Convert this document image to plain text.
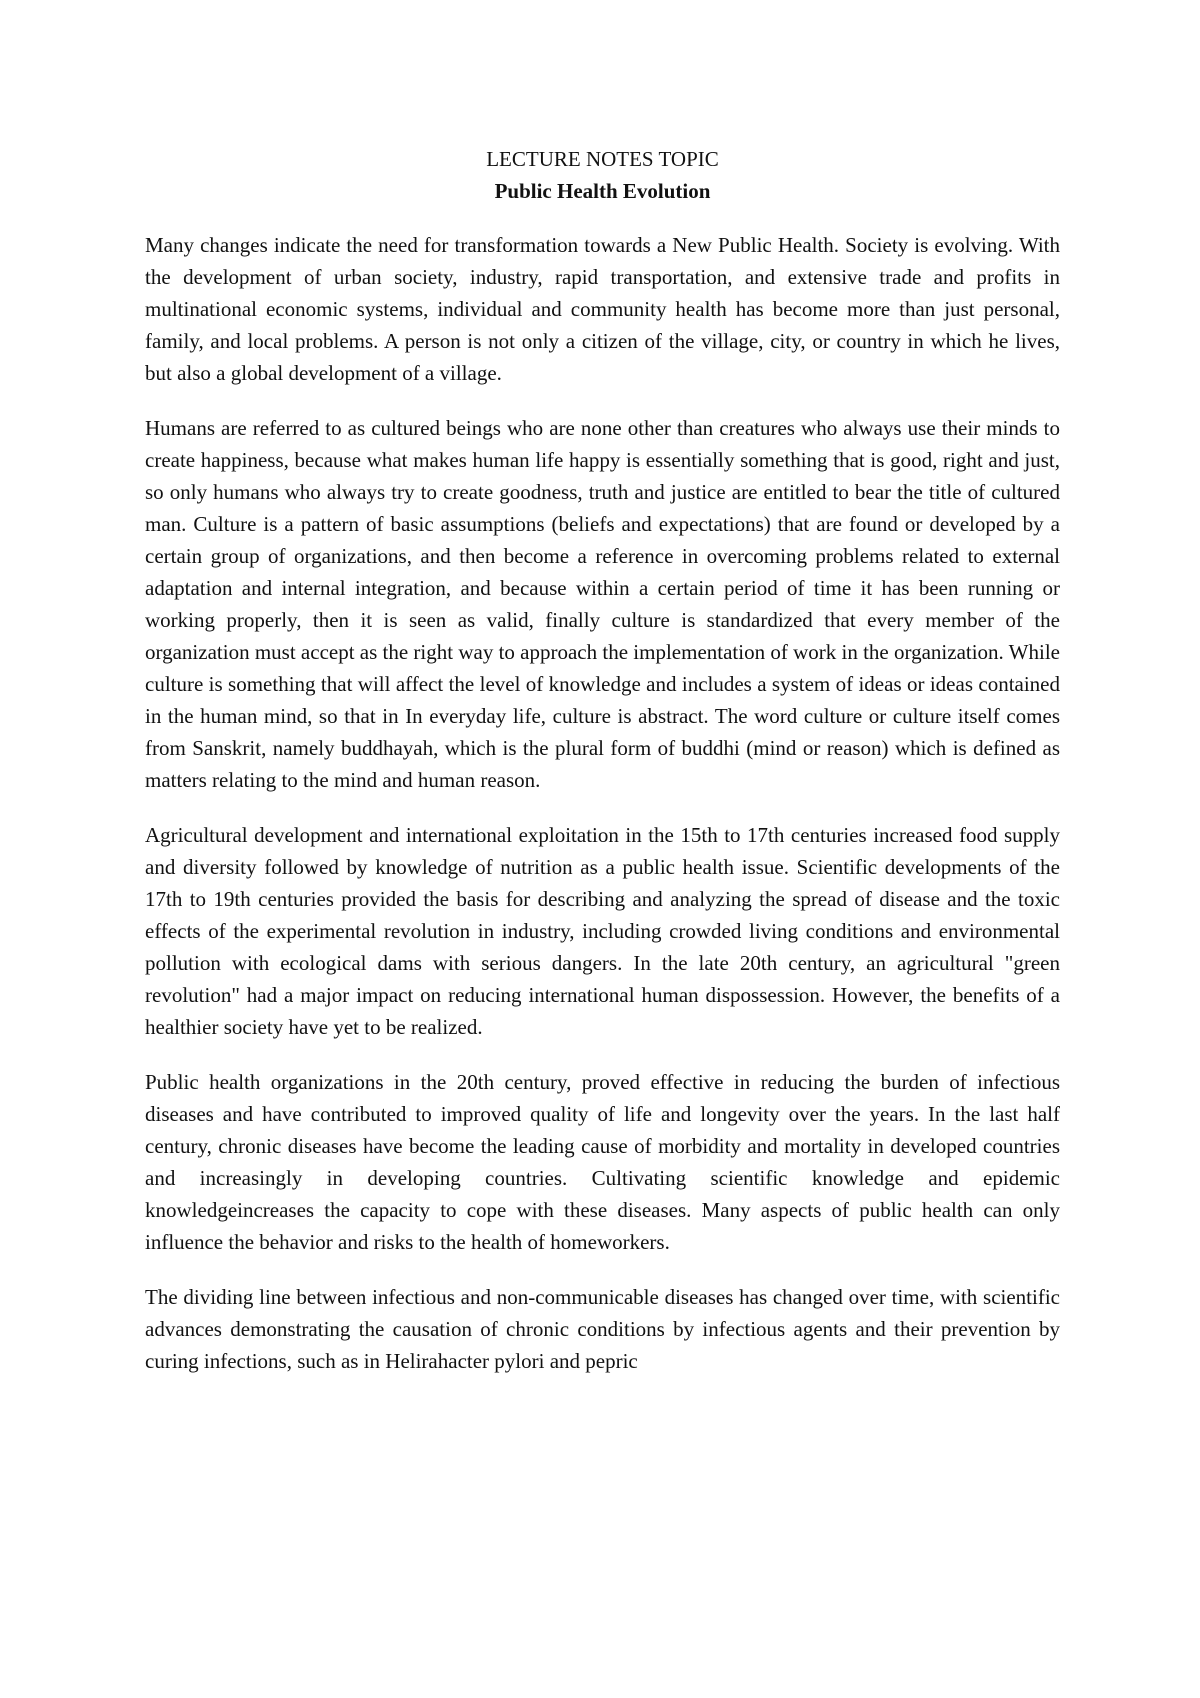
LECTURE NOTES TOPIC
Public Health Evolution

Many changes indicate the need for transformation towards a New Public Health. Society is evolving. With the development of urban society, industry, rapid transportation, and extensive trade and profits in multinational economic systems, individual and community health has become more than just personal, family, and local problems. A person is not only a citizen of the village, city, or country in which he lives, but also a global development of a village.

Humans are referred to as cultured beings who are none other than creatures who always use their minds to create happiness, because what makes human life happy is essentially something that is good, right and just, so only humans who always try to create goodness, truth and justice are entitled to bear the title of cultured man. Culture is a pattern of basic assumptions (beliefs and expectations) that are found or developed by a certain group of organizations, and then become a reference in overcoming problems related to external adaptation and internal integration, and because within a certain period of time it has been running or working properly, then it is seen as valid, finally culture is standardized that every member of the organization must accept as the right way to approach the implementation of work in the organization. While culture is something that will affect the level of knowledge and includes a system of ideas or ideas contained in the human mind, so that in In everyday life, culture is abstract. The word culture or culture itself comes from Sanskrit, namely buddhayah, which is the plural form of buddhi (mind or reason) which is defined as matters relating to the mind and human reason.

Agricultural development and international exploitation in the 15th to 17th centuries increased food supply and diversity followed by knowledge of nutrition as a public health issue. Scientific developments of the 17th to 19th centuries provided the basis for describing and analyzing the spread of disease and the toxic effects of the experimental revolution in industry, including crowded living conditions and environmental pollution with ecological dams with serious dangers. In the late 20th century, an agricultural "green revolution" had a major impact on reducing international human dispossession. However, the benefits of a healthier society have yet to be realized.

Public health organizations in the 20th century, proved effective in reducing the burden of infectious diseases and have contributed to improved quality of life and longevity over the years. In the last half century, chronic diseases have become the leading cause of morbidity and mortality in developed countries and increasingly in developing countries. Cultivating scientific knowledge and epidemic knowledgeincreases the capacity to cope with these diseases. Many aspects of public health can only influence the behavior and risks to the health of homeworkers.

The dividing line between infectious and non-communicable diseases has changed over time, with scientific advances demonstrating the causation of chronic conditions by infectious agents and their prevention by curing infections, such as in Helirahacter pylori and pepric
